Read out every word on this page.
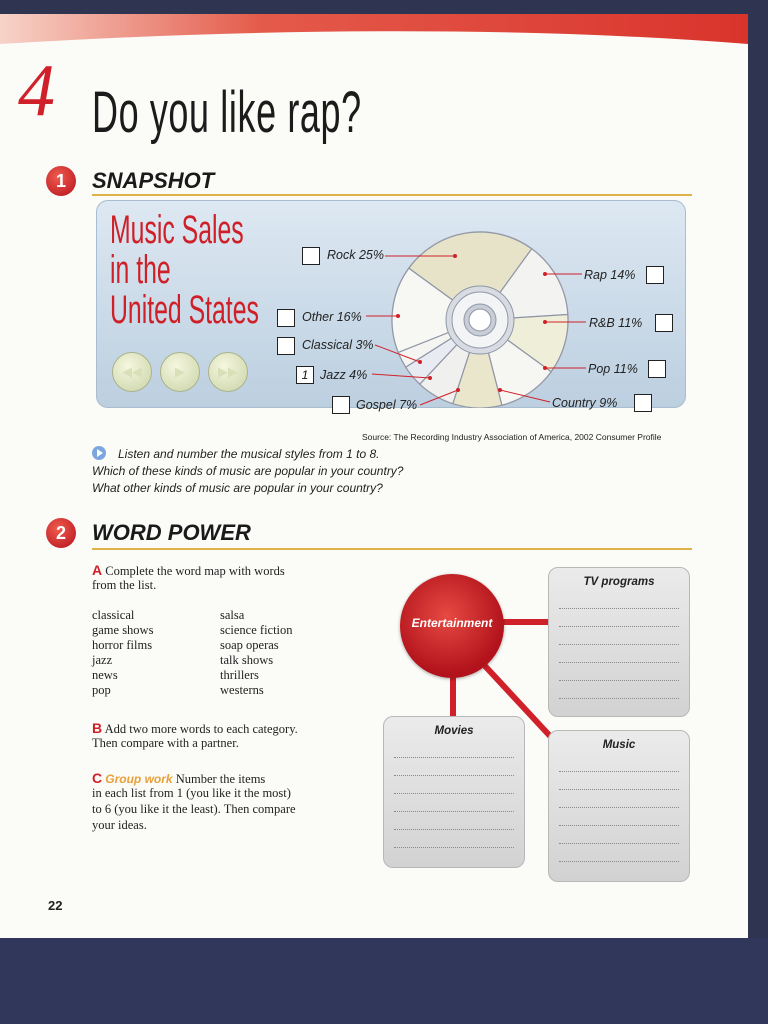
4 Do you like rap?
1	SNAPSHOT
Music Sales
in the
United States
◀◀	▶	▶▶
Rock 25%
Rap 14%
R&B 11%
Pop 11%
Country 9%
Gospel 7%
1 Jazz 4%
Classical 3%
Other 16%
Source: The Recording Industry Association of America, 2002 Consumer Profile
Listen and number the musical styles from 1 to 8.
Which of these kinds of music are popular in your country?
What other kinds of music are popular in your country?
2	WORD POWER
A Complete the word map with words
from the list.
classical
game shows
horror films
jazz
news
pop
salsa
science fiction
soap operas
talk shows
thrillers
westerns
B Add two more words to each category.
Then compare with a partner.
C Group work Number the items
in each list from 1 (you like it the most)
to 6 (you like it the least). Then compare
your ideas.
TV programs
Movies
Music
Entertainment
22
